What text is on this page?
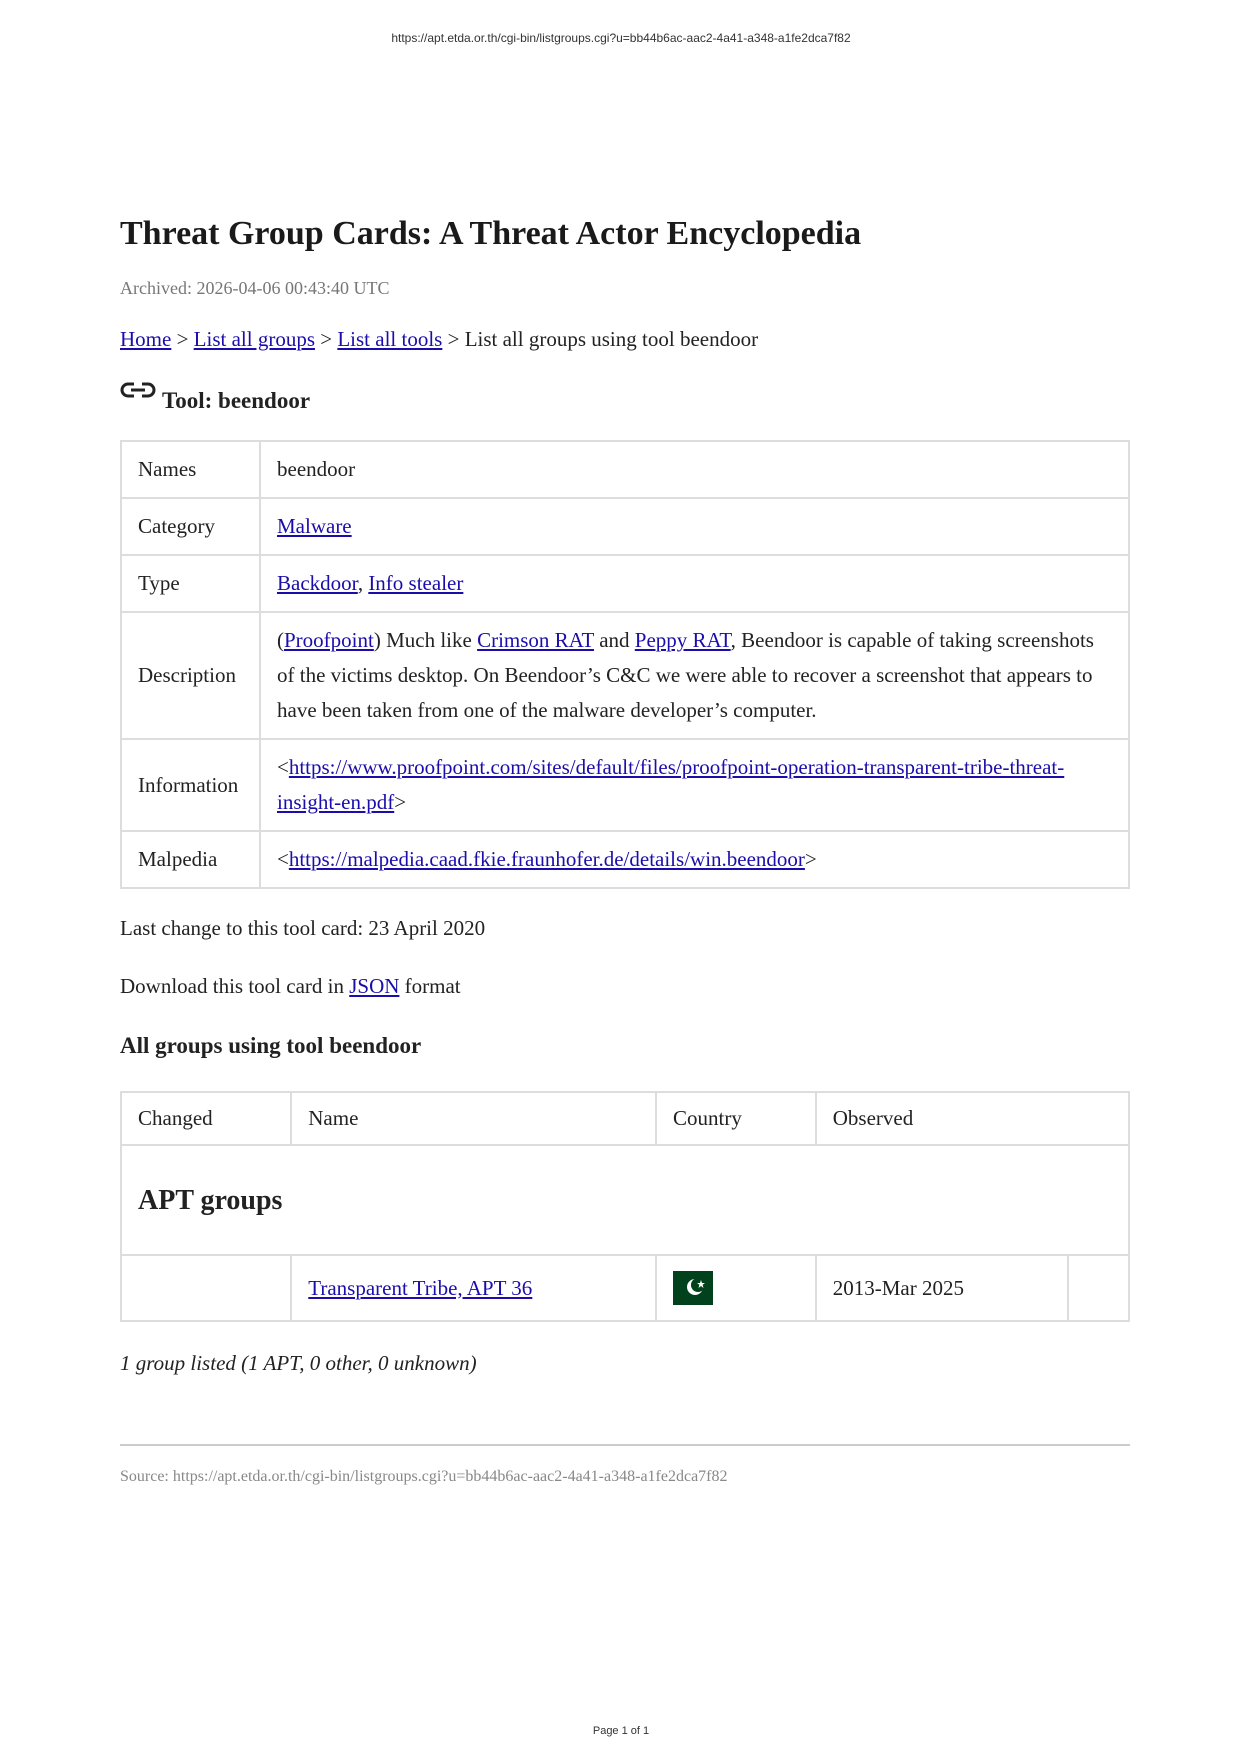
https://apt.etda.or.th/cgi-bin/listgroups.cgi?u=bb44b6ac-aac2-4a41-a348-a1fe2dca7f82
Threat Group Cards: A Threat Actor Encyclopedia
Archived: 2026-04-06 00:43:40 UTC
Home > List all groups > List all tools > List all groups using tool beendoor
Tool: beendoor
Names	beendoor
Category	Malware
Type	Backdoor, Info stealer
Description	(Proofpoint) Much like Crimson RAT and Peppy RAT, Beendoor is capable of taking screenshots of the victims desktop. On Beendoor’s C&C we were able to recover a screenshot that appears to have been taken from one of the malware developer’s computer.
Information	<https://www.proofpoint.com/sites/default/files/proofpoint-operation-transparent-tribe-threat-insight-en.pdf>
Malpedia	<https://malpedia.caad.fkie.fraunhofer.de/details/win.beendoor>
Last change to this tool card: 23 April 2020
Download this tool card in JSON format
All groups using tool beendoor
Changed	Name	Country	Observed	
APT groups				
	Transparent Tribe, APT 36		2013-Mar 2025	
1 group listed (1 APT, 0 other, 0 unknown)
Source: https://apt.etda.or.th/cgi-bin/listgroups.cgi?u=bb44b6ac-aac2-4a41-a348-a1fe2dca7f82
Page 1 of 1
